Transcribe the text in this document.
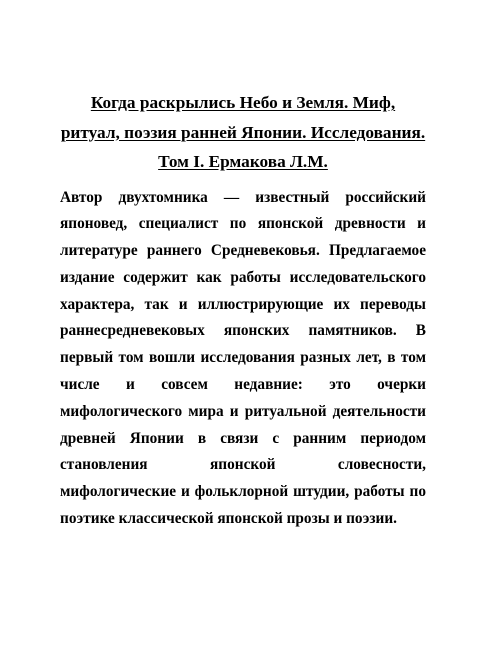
Когда раскрылись Небо и Земля. Миф,
ритуал, поэзия ранней Японии. Исследования.
Том I. Ермакова Л.М.
Автор двухтомника — известный российский
японовед, специалист по японской древности и
литературе раннего Средневековья. Предлагаемое
издание содержит как работы исследовательского
характера, так и иллюстрирующие их переводы
раннесредневековых японских памятников. В
первый том вошли исследования разных лет, в том
числе и совсем недавние: это очерки
мифологического мира и ритуальной деятельности
древней Японии в связи с ранним периодом
становления японской словесности,
мифологические и фольклорной штудии, работы по
поэтике классической японской прозы и поэзии.
